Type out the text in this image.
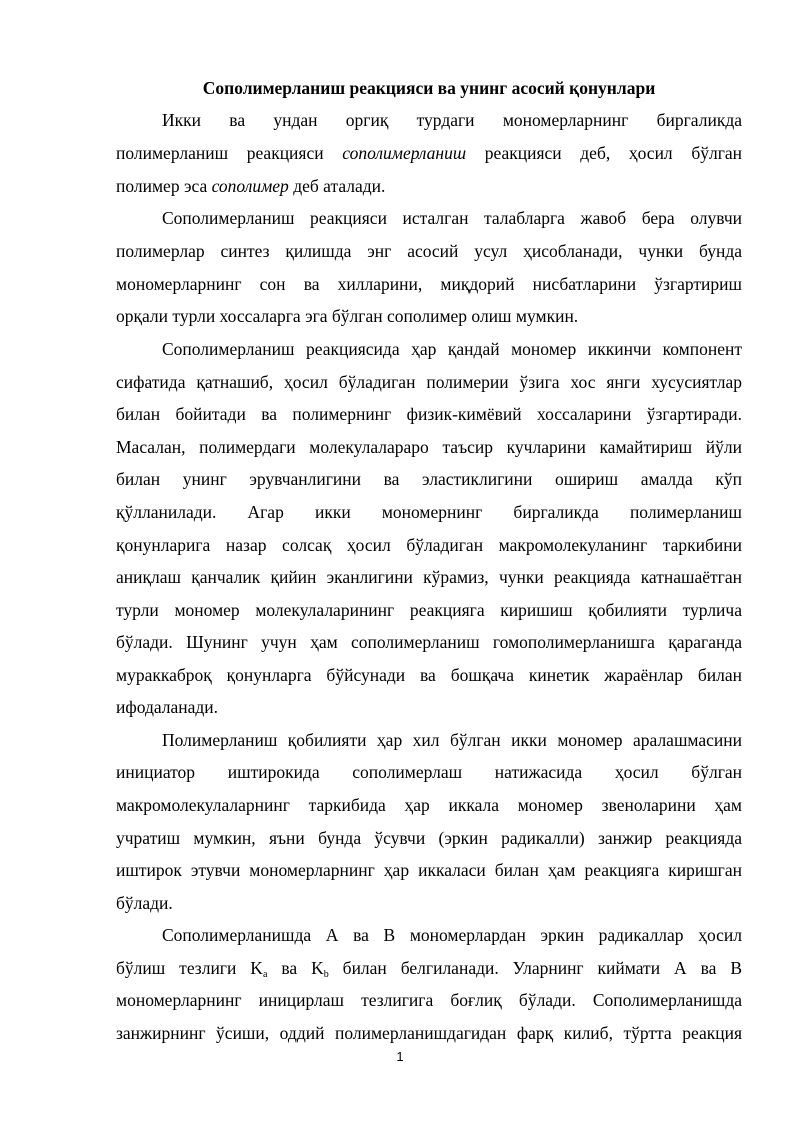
Сополимерланиш реакцияси ва унинг асосий қонунлари
Икки ва ундан оргиқ турдаги мономерларнинг биргаликда
полимерланиш реакцияси сополимерланиш реакцияси деб, ҳосил бўлган
полимер эса сополимер деб аталади.
Сополимерланиш реакцияси исталган талабларга жавоб бера олувчи
полимерлар синтез қилишда энг асосий усул ҳисобланади, чунки бунда
мономерларнинг сон ва хилларини, миқдорий нисбатларини ўзгартириш
орқали турли хоссаларга эга бўлган сополимер олиш мумкин.
Сополимерланиш реакциясида ҳар қандай мономер иккинчи компонент
сифатида қатнашиб, ҳосил бўладиган полимерии ўзига хос янги хусусиятлар
билан бойитади ва полимернинг физик-кимёвий хоссаларини ўзгартиради.
Масалан, полимердаги молекулалараро таъсир кучларини камайтириш йўли
билан унинг эрувчанлигини ва эластиклигини ошириш амалда кўп
қўлланилади. Агар икки мономернинг биргаликда полимерланиш
қонунларига назар солсақ ҳосил бўладиган макромолекуланинг таркибини
аниқлаш қанчалик қийин эканлигини кўрамиз, чунки реакцияда катнашаётган
турли мономер молекулаларининг реакцияга киришиш қобилияти турлича
бўлади. Шунинг учун ҳам сополимерланиш гомополимерланишга қараганда
мураккаброқ қонунларга бўйсунади ва бошқача кинетик жараёнлар билан
ифодаланади.
Полимерланиш қобилияти ҳар хил бўлган икки мономер аралашмасини
инициатор иштирокида сополимерлаш натижасида ҳосил бўлган
макромолекулаларнинг таркибида ҳар иккала мономер звеноларини ҳам
учратиш мумкин, яъни бунда ўсувчи (эркин радикалли) занжир реакцияда
иштирок этувчи мономерларнинг ҳар иккаласи билан ҳам реакцияга киришган
бўлади.
Сополимерланишда А ва В мономерлардан эркин радикаллар ҳосил
бўлиш тезлиги $K_a$ ва $K_b$ билан белгиланади. Уларнинг киймати А ва В
мономерларнинг иницирлаш тезлигига боғлиқ бўлади. Сополимерланишда
занжирнинг ўсиши, оддий полимерланишдагидан фарқ килиб, тўртта реакция
1
